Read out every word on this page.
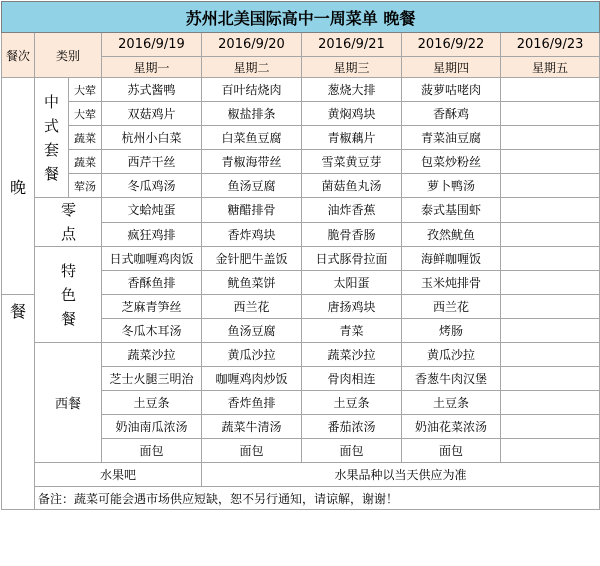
苏州北美国际高中一周菜单 晚餐							
餐次	类别		2016/9/19	2016/9/20	2016/9/21	2016/9/22	2016/9/23
			星期一	星期二	星期三	星期四	星期五
晚	中式套餐	大荤	苏式酱鸭	百叶结烧肉	葱烧大排	菠萝咕咾肉	
		大荤	双菇鸡片	椒盐排条	黄焖鸡块	香酥鸡	
		蔬菜	杭州小白菜	白菜鱼豆腐	青椒藕片	青菜油豆腐	
		蔬菜	西芹干丝	青椒海带丝	雪菜黄豆芽	包菜炒粉丝	
		荤汤	冬瓜鸡汤	鱼汤豆腐	菌菇鱼丸汤	萝卜鸭汤	
	零点		文蛤炖蛋	糖醋排骨	油炸香蕉	泰式基围虾	
			疯狂鸡排	香炸鸡块	脆骨香肠	孜然鱿鱼	
	特色餐		日式咖喱鸡肉饭	金针肥牛盖饭	日式豚骨拉面	海鲜咖喱饭	
			香酥鱼排	鱿鱼菜饼	太阳蛋	玉米炖排骨	
餐			芝麻青笋丝	西兰花	唐扬鸡块	西兰花	
			冬瓜木耳汤	鱼汤豆腐	青菜	烤肠	
	西餐		蔬菜沙拉	黄瓜沙拉	蔬菜沙拉	黄瓜沙拉	
			芝士火腿三明治	咖喱鸡肉炒饭	骨肉相连	香葱牛肉汉堡	
			土豆条	香炸鱼排	土豆条	土豆条	
			奶油南瓜浓汤	蔬菜牛清汤	番茄浓汤	奶油花菜浓汤	
			面包	面包	面包	面包	
	水果吧			水果品种以当天供应为准			
	备注：蔬菜可能会遇市场供应短缺，恕不另行通知，请谅解，谢谢！						
